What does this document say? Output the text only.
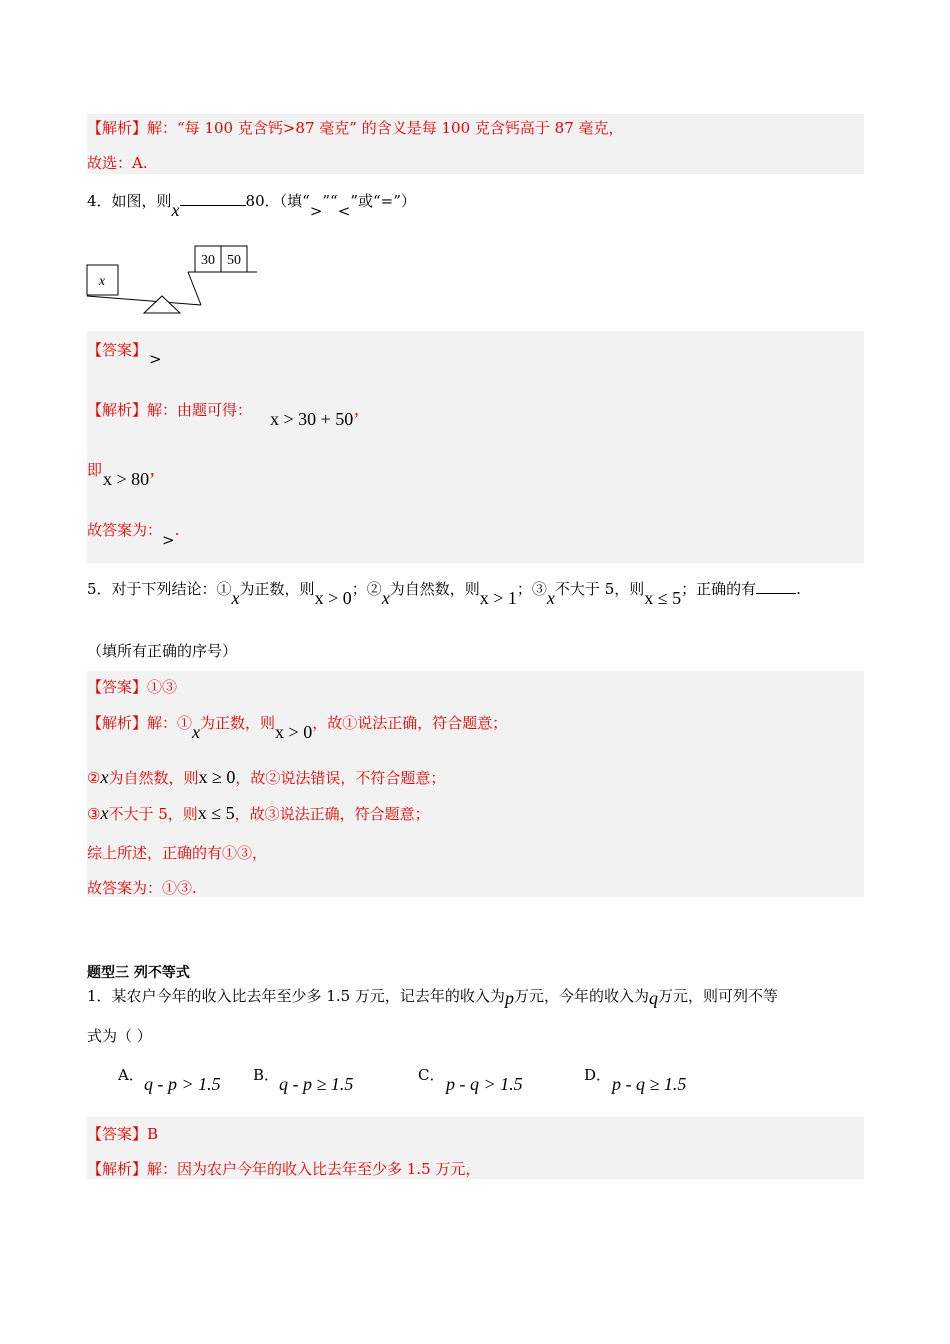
【解析】解：“每 100 克含钙>87 毫克” 的含义是每 100 克含钙高于 87 毫克，
故选：A.
4．如图，则x	80．（填“>”“<”或“=”）
x
30 50
【答案】 >
【解析】解：由题可得： x > 30 + 50’
即 x > 80’
故答案为：>.
5．对于下列结论：①x为正数，则x > 0；②x为自然数，则x > 1；③x不大于 5，则x ≤ 5；正确的有	.
（填所有正确的序号）
【答案】①③
【解析】解：①x为正数，则x > 0，故①说法正确，符合题意；
②x为自然数，则x ≥ 0，故②说法错误，不符合题意；
③x不大于 5，则x ≤ 5，故③说法正确，符合题意；
综上所述，正确的有①③，
故答案为：①③.
题型三 列不等式
1．某农户今年的收入比去年至少多 1.5 万元，记去年的收入为p万元，今年的收入为q万元，则可列不等
式为（ ）
A． q - p > 1.5 B． q - p ≥ 1.5	C． p - q > 1.5	D． p - q ≥ 1.5
【答案】B
【解析】解：因为农户今年的收入比去年至少多 1.5 万元，
